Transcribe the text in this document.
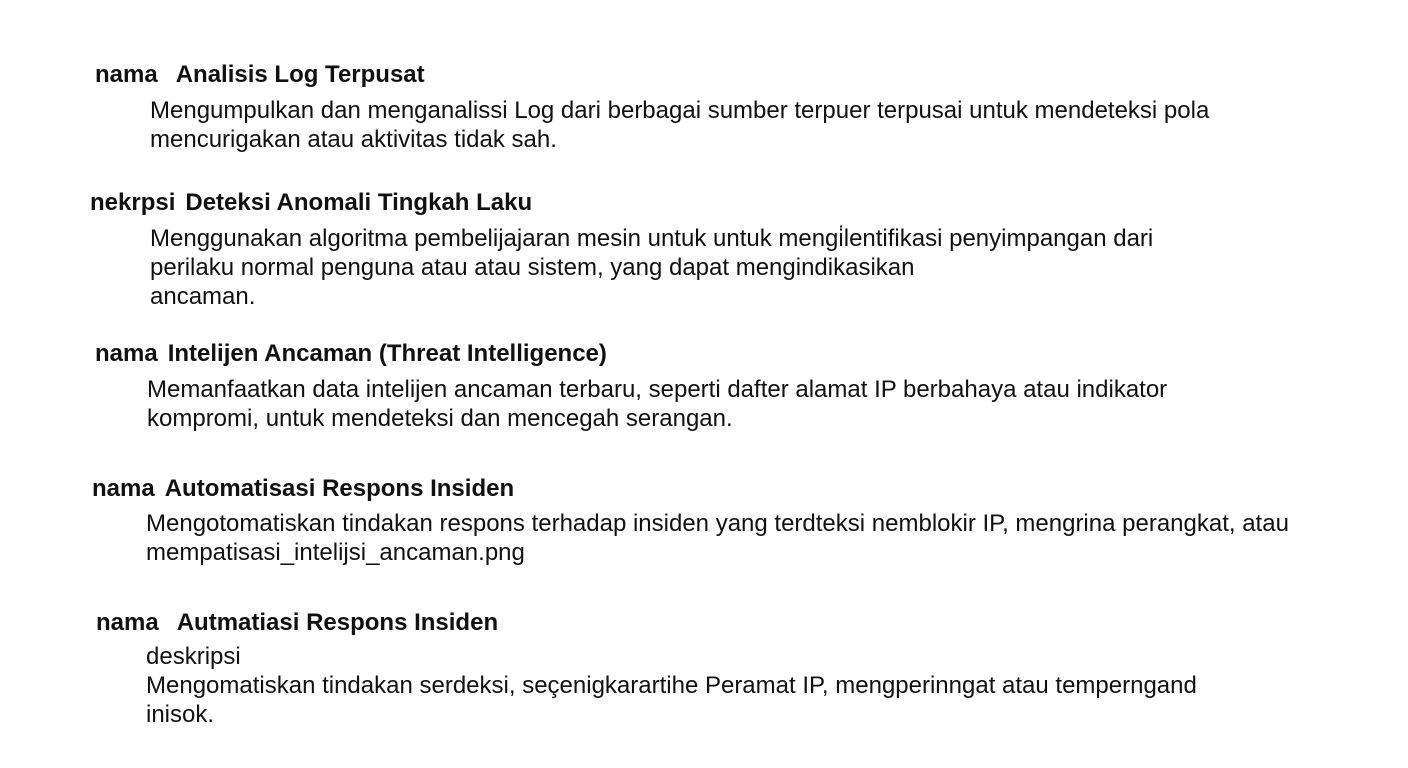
nama Analisis Log Terpusat
Mengumpulkan dan menganalissi Log dari berbagai sumber terpuer terpusai untuk mendeteksi pola
mencurigakan atau aktivitas tidak sah.
nekrpsi Deteksi Anomali Tingkah Laku
Menggunakan algoritma pembelijajaran mesin untuk untuk mengi̇lentifikasi penyimpangan dari
perilaku normal penguna atau atau sistem, yang dapat mengindikasikan
ancaman.
nama Intelijen Ancaman (Threat Intelligence)
Memanfaatkan data intelijen ancaman terbaru, seperti dafter alamat IP berbahaya atau indikator
kompromi, untuk mendeteksi dan mencegah serangan.
nama Automatisasi Respons Insiden
Mengotomatiskan tindakan respons terhadap insiden yang terdteksi nemblokir IP, mengrina perangkat, atau
mempatisasi_intelijsi_ancaman.png
nama Autmatiasi Respons Insiden
deskripsi
Mengomatiskan tindakan serdeksi, seçenigkarartihe Peramat IP, mengperinngat atau temperngand
inisok.
